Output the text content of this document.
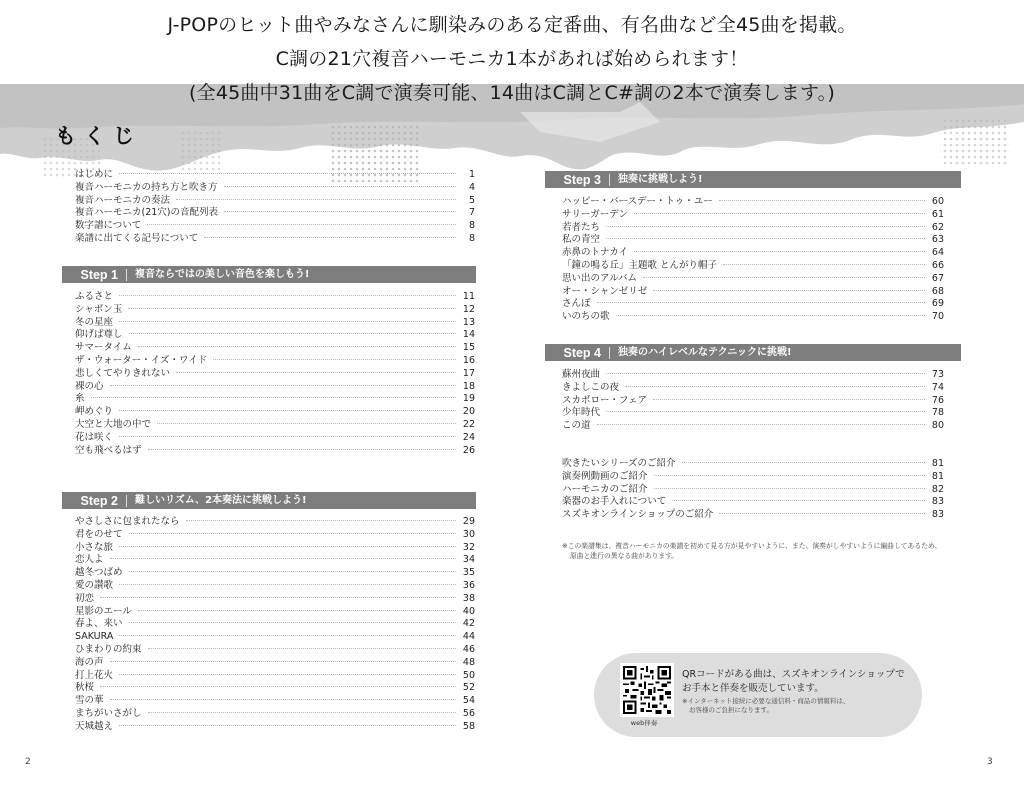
J-POPのヒット曲やみなさんに馴染みのある定番曲、有名曲など全45曲を掲載。
C調の21穴複音ハーモニカ1本があれば始められます！
(全45曲中31曲をC調で演奏可能、14曲はC調とC#調の2本で演奏します。)
もくじ
はじめに	1
複音ハーモニカの持ち方と吹き方	4
複音ハーモニカの奏法	5
複音ハーモニカ(21穴)の音配列表	7
数字譜について	8
楽譜に出てくる記号について	8
Step 1	複音ならではの美しい音色を楽しもう!
ふるさと	11
シャボン玉	12
冬の星座	13
仰げば尊し	14
サマータイム	15
ザ・ウォーター・イズ・ワイド	16
悲しくてやりきれない	17
裸の心	18
糸	19
岬めぐり	20
大空と大地の中で	22
花は咲く	24
空も飛べるはず	26
Step 2	難しいリズム、2本奏法に挑戦しよう!
やさしさに包まれたなら	29
君をのせて	30
小さな旅	32
恋人よ	34
越冬つばめ	35
愛の讃歌	36
初恋	38
星影のエール	40
春よ、来い	42
SAKURA	44
ひまわりの約束	46
海の声	48
打上花火	50
秋桜	52
雪の華	54
まちがいさがし	56
天城越え	58
Step 3	独奏に挑戦しよう!
ハッピー・バースデー・トゥ・ユー	60
サリーガーデン	61
若者たち	62
私の青空	63
赤鼻のトナカイ	64
「鐘の鳴る丘」主題歌 とんがり帽子	66
思い出のアルバム	67
オー・シャンゼリゼ	68
さんぽ	69
いのちの歌	70
Step 4	独奏のハイレベルなテクニックに挑戦!
蘇州夜曲	73
きよしこの夜	74
スカボロー・フェア	76
少年時代	78
この道	80
吹きたいシリーズのご紹介	81
演奏例動画のご紹介	81
ハーモニカのご紹介	82
楽器のお手入れについて	83
スズキオンラインショップのご紹介	83
※この楽譜集は、複音ハーモニカの楽譜を初めて見る方が見やすいように、また、演奏がしやすいように編曲してあるため、
原曲と進行の異なる曲があります。
web伴奏
QRコードがある曲は、スズキオンラインショップで
お手本と伴奏を販売しています。
※インターネット接続に必要な通信料・商品の情報料は、
お客様のご負担になります。
2	3
